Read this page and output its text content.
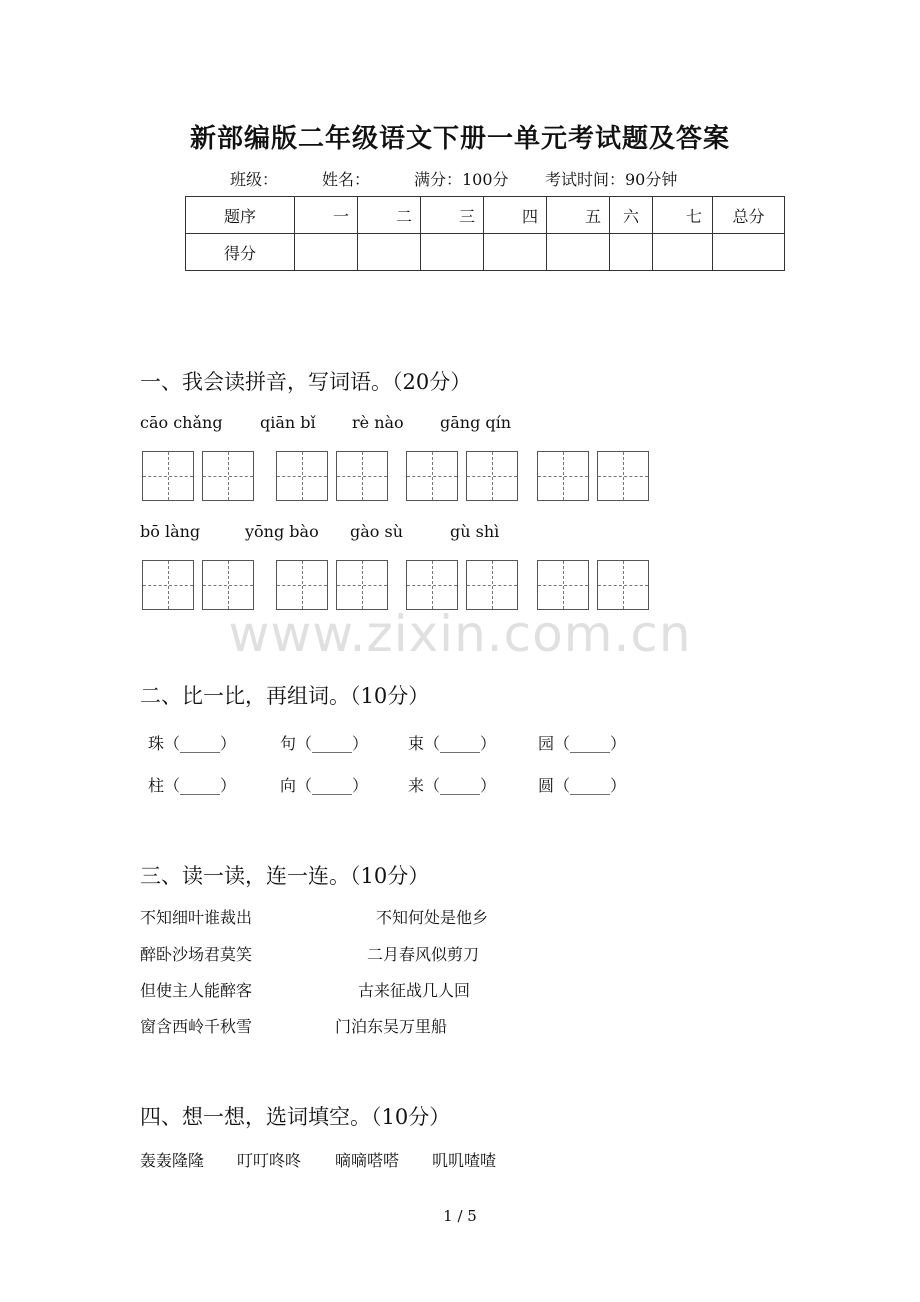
新部编版二年级语文下册一单元考试题及答案
班级：	姓名：	满分：100分 考试时间：90分钟
题序	一	二	三	四	五	六	七	总分
得分								
一、我会读拼音，写词语。（20分）
cāo chǎng qiān bǐ rè nào gāng qín
bō làng	yōng bào gào sù	gù shì
www.zixin.com.cn
二、比一比，再组词。（10分）
珠（_____）	句（_____） 束（_____）	园（_____）
柱（_____）	向（_____） 来（_____）	圆（_____）
三、读一读，连一连。（10分）
不知细叶谁裁出
醉卧沙场君莫笑
但使主人能醉客
窗含西岭千秋雪
不知何处是他乡
二月春风似剪刀
古来征战几人回
门泊东吴万里船
四、想一想，选词填空。（10分）
轰轰隆隆 叮叮咚咚 嘀嘀嗒嗒 叽叽喳喳
1 / 5
